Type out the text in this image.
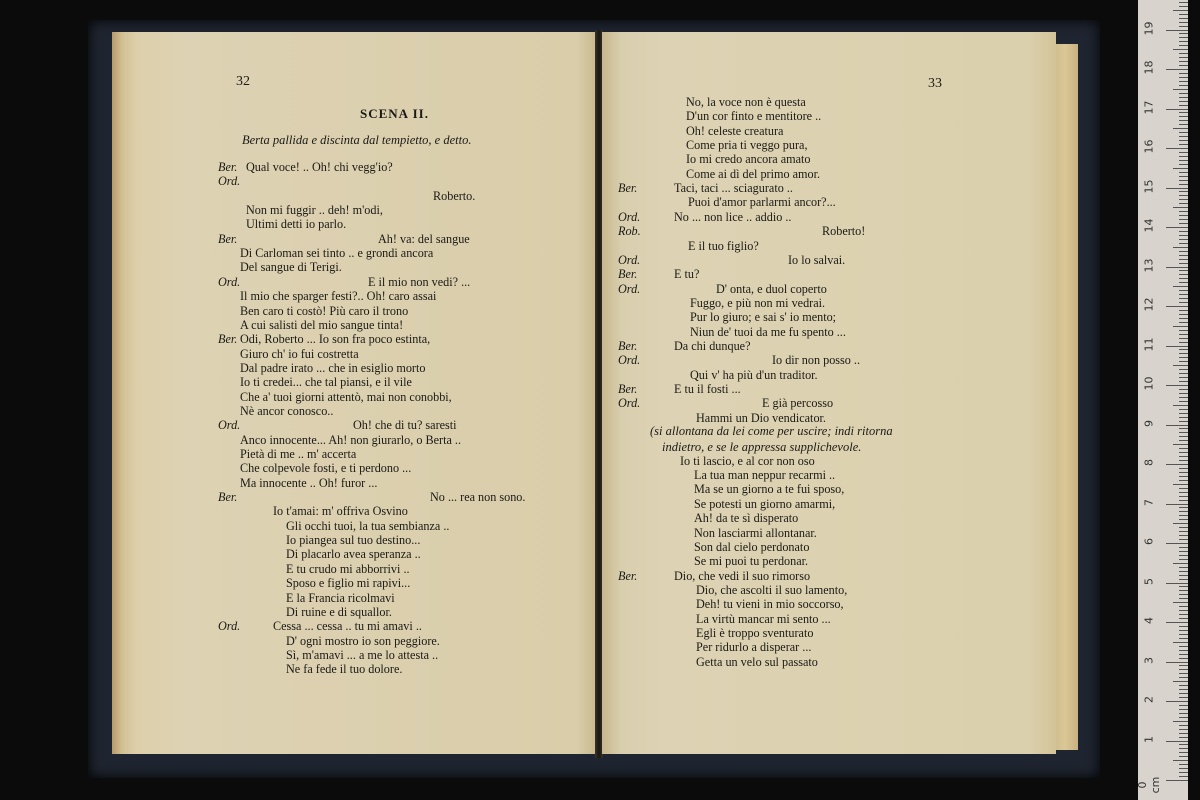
32
SCENA II.
Berta pallida e discinta dal tempietto, e detto.
Ber. Qual voce! .. Oh! chi vegg'io?
Ord.
Roberto.
Non mi fuggir .. deh! m'odi,
Ultimi detti io parlo.
Ber.	Ah! va: del sangue
Di Carloman sei tinto .. e grondi ancora
Del sangue di Terigi.
Ord.	E il mio non vedi? ...
Il mio che sparger festi?.. Oh! caro assai
Ben caro ti costò! Più caro il trono
A cui salisti del mio sangue tinta!
Ber. Odi, Roberto ... Io son fra poco estinta,
Giuro ch' io fui costretta
Dal padre irato ... che in esiglio morto
Io ti credei... che tal piansi, e il vile
Che a' tuoi giorni attentò, mai non conobbi,
Nè ancor conosco..
Ord.	Oh! che di tu? saresti
Anco innocente... Ah! non giurarlo, o Berta ..
Pietà di me .. m' accerta
Che colpevole fosti, e ti perdono ...
Ma innocente .. Oh! furor ...
Ber.	No ... rea non sono.
Io t'amai: m' offriva Osvino
Gli occhi tuoi, la tua sembianza ..
Io piangea sul tuo destino...
Di placarlo avea speranza ..
E tu crudo mi abborrivi ..
Sposo e figlio mi rapivi...
E la Francia ricolmavi
Di ruine e di squallor.
Ord.	Cessa ... cessa .. tu mi amavi ..
D' ogni mostro io son peggiore.
Sì, m'amavi ... a me lo attesta ..
Ne fa fede il tuo dolore.
33
No, la voce non è questa
D'un cor finto e mentitore ..
Oh! celeste creatura
Come pria ti veggo pura,
Io mi credo ancora amato
Come ai dì del primo amor.
Ber.	Taci, taci ... sciagurato ..
Puoi d'amor parlarmi ancor?...
Ord.	No ... non lice .. addio ..
Rob.	Roberto!
E il tuo figlio?
Ord.	Io lo salvai.
Ber.	E tu?
Ord.	D' onta, e duol coperto
Fuggo, e più non mi vedrai.
Pur lo giuro; e sai s' io mento;
Niun de' tuoi da me fu spento ...
Ber.	Da chi dunque?
Ord.	Io dir non posso ..
Qui v' ha più d'un traditor.
Ber.	E tu il fosti ...
Ord.	E già percosso
Hammi un Dio vendicator.
Io ti lascio, e al cor non oso
La tua man neppur recarmi ..
Ma se un giorno a te fui sposo,
Se potesti un giorno amarmi,
Ah! da te sì disperato
Non lasciarmi allontanar.
Son dal cielo perdonato
Se mi puoi tu perdonar.
Ber.	Dio, che vedi il suo rimorso
Dio, che ascolti il suo lamento,
Deh! tu vieni in mio soccorso,
La virtù mancar mi sento ...
Egli è troppo sventurato
Per ridurlo a disperar ...
Getta un velo sul passato
(si allontana da lei come per uscire; indi ritorna
indietro, e se le appressa supplichevole.
0 cm
1
2
3
4
5
6
7
8
9
10
11
12
13
14
15
16
17
18
19
